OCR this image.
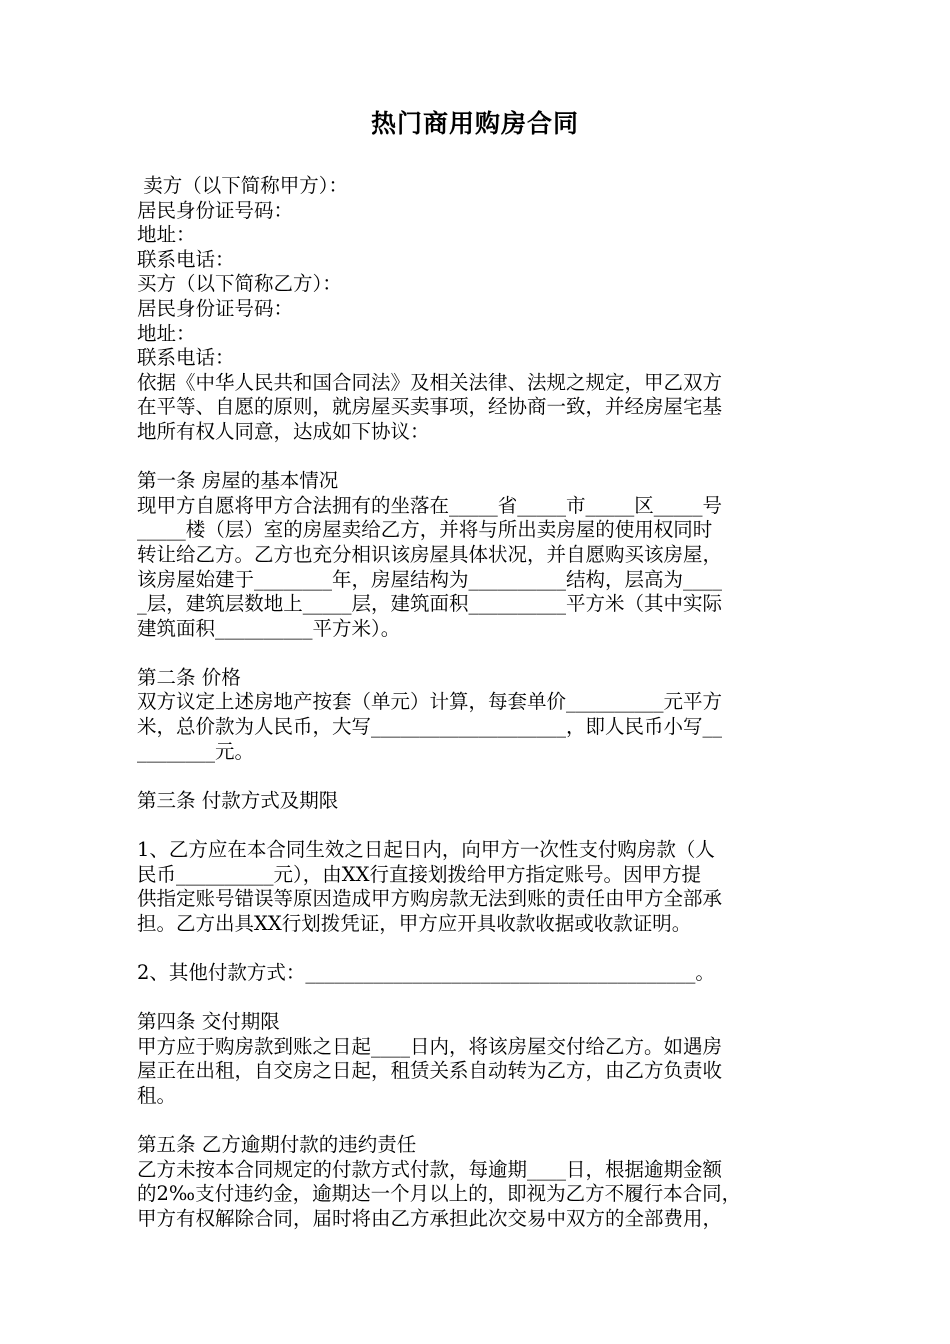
热门商用购房合同
卖方（以下简称甲方）：
居民身份证号码：
地址：
联系电话：
买方（以下简称乙方）：
居民身份证号码：
地址：
联系电话：
依据《中华人民共和国合同法》及相关法律、法规之规定，甲乙双方
在平等、自愿的原则，就房屋买卖事项，经协商一致，并经房屋宅基
地所有权人同意，达成如下协议：
第一条 房屋的基本情况
现甲方自愿将甲方合法拥有的坐落在_____省_____市_____区_____号
_____楼（层）室的房屋卖给乙方，并将与所出卖房屋的使用权同时
转让给乙方。乙方也充分相识该房屋具体状况，并自愿购买该房屋，
该房屋始建于________年，房屋结构为__________结构，层高为____
_层，建筑层数地上_____层，建筑面积__________平方米（其中实际
建筑面积__________平方米）。
第二条 价格
双方议定上述房地产按套（单元）计算，每套单价__________元平方
米，总价款为人民币，大写____________________，即人民币小写__
________元。
第三条 付款方式及期限
1、乙方应在本合同生效之日起日内，向甲方一次性支付购房款（人
民币__________元），由XX行直接划拨给甲方指定账号。因甲方提
供指定账号错误等原因造成甲方购房款无法到账的责任由甲方全部承
担。乙方出具XX行划拨凭证，甲方应开具收款收据或收款证明。
2、其他付款方式：________________________________________。
第四条 交付期限
甲方应于购房款到账之日起____日内，将该房屋交付给乙方。如遇房
屋正在出租，自交房之日起，租赁关系自动转为乙方，由乙方负责收
租。
第五条 乙方逾期付款的违约责任
乙方未按本合同规定的付款方式付款，每逾期____日，根据逾期金额
的2‰支付违约金，逾期达一个月以上的，即视为乙方不履行本合同，
甲方有权解除合同，届时将由乙方承担此次交易中双方的全部费用，
